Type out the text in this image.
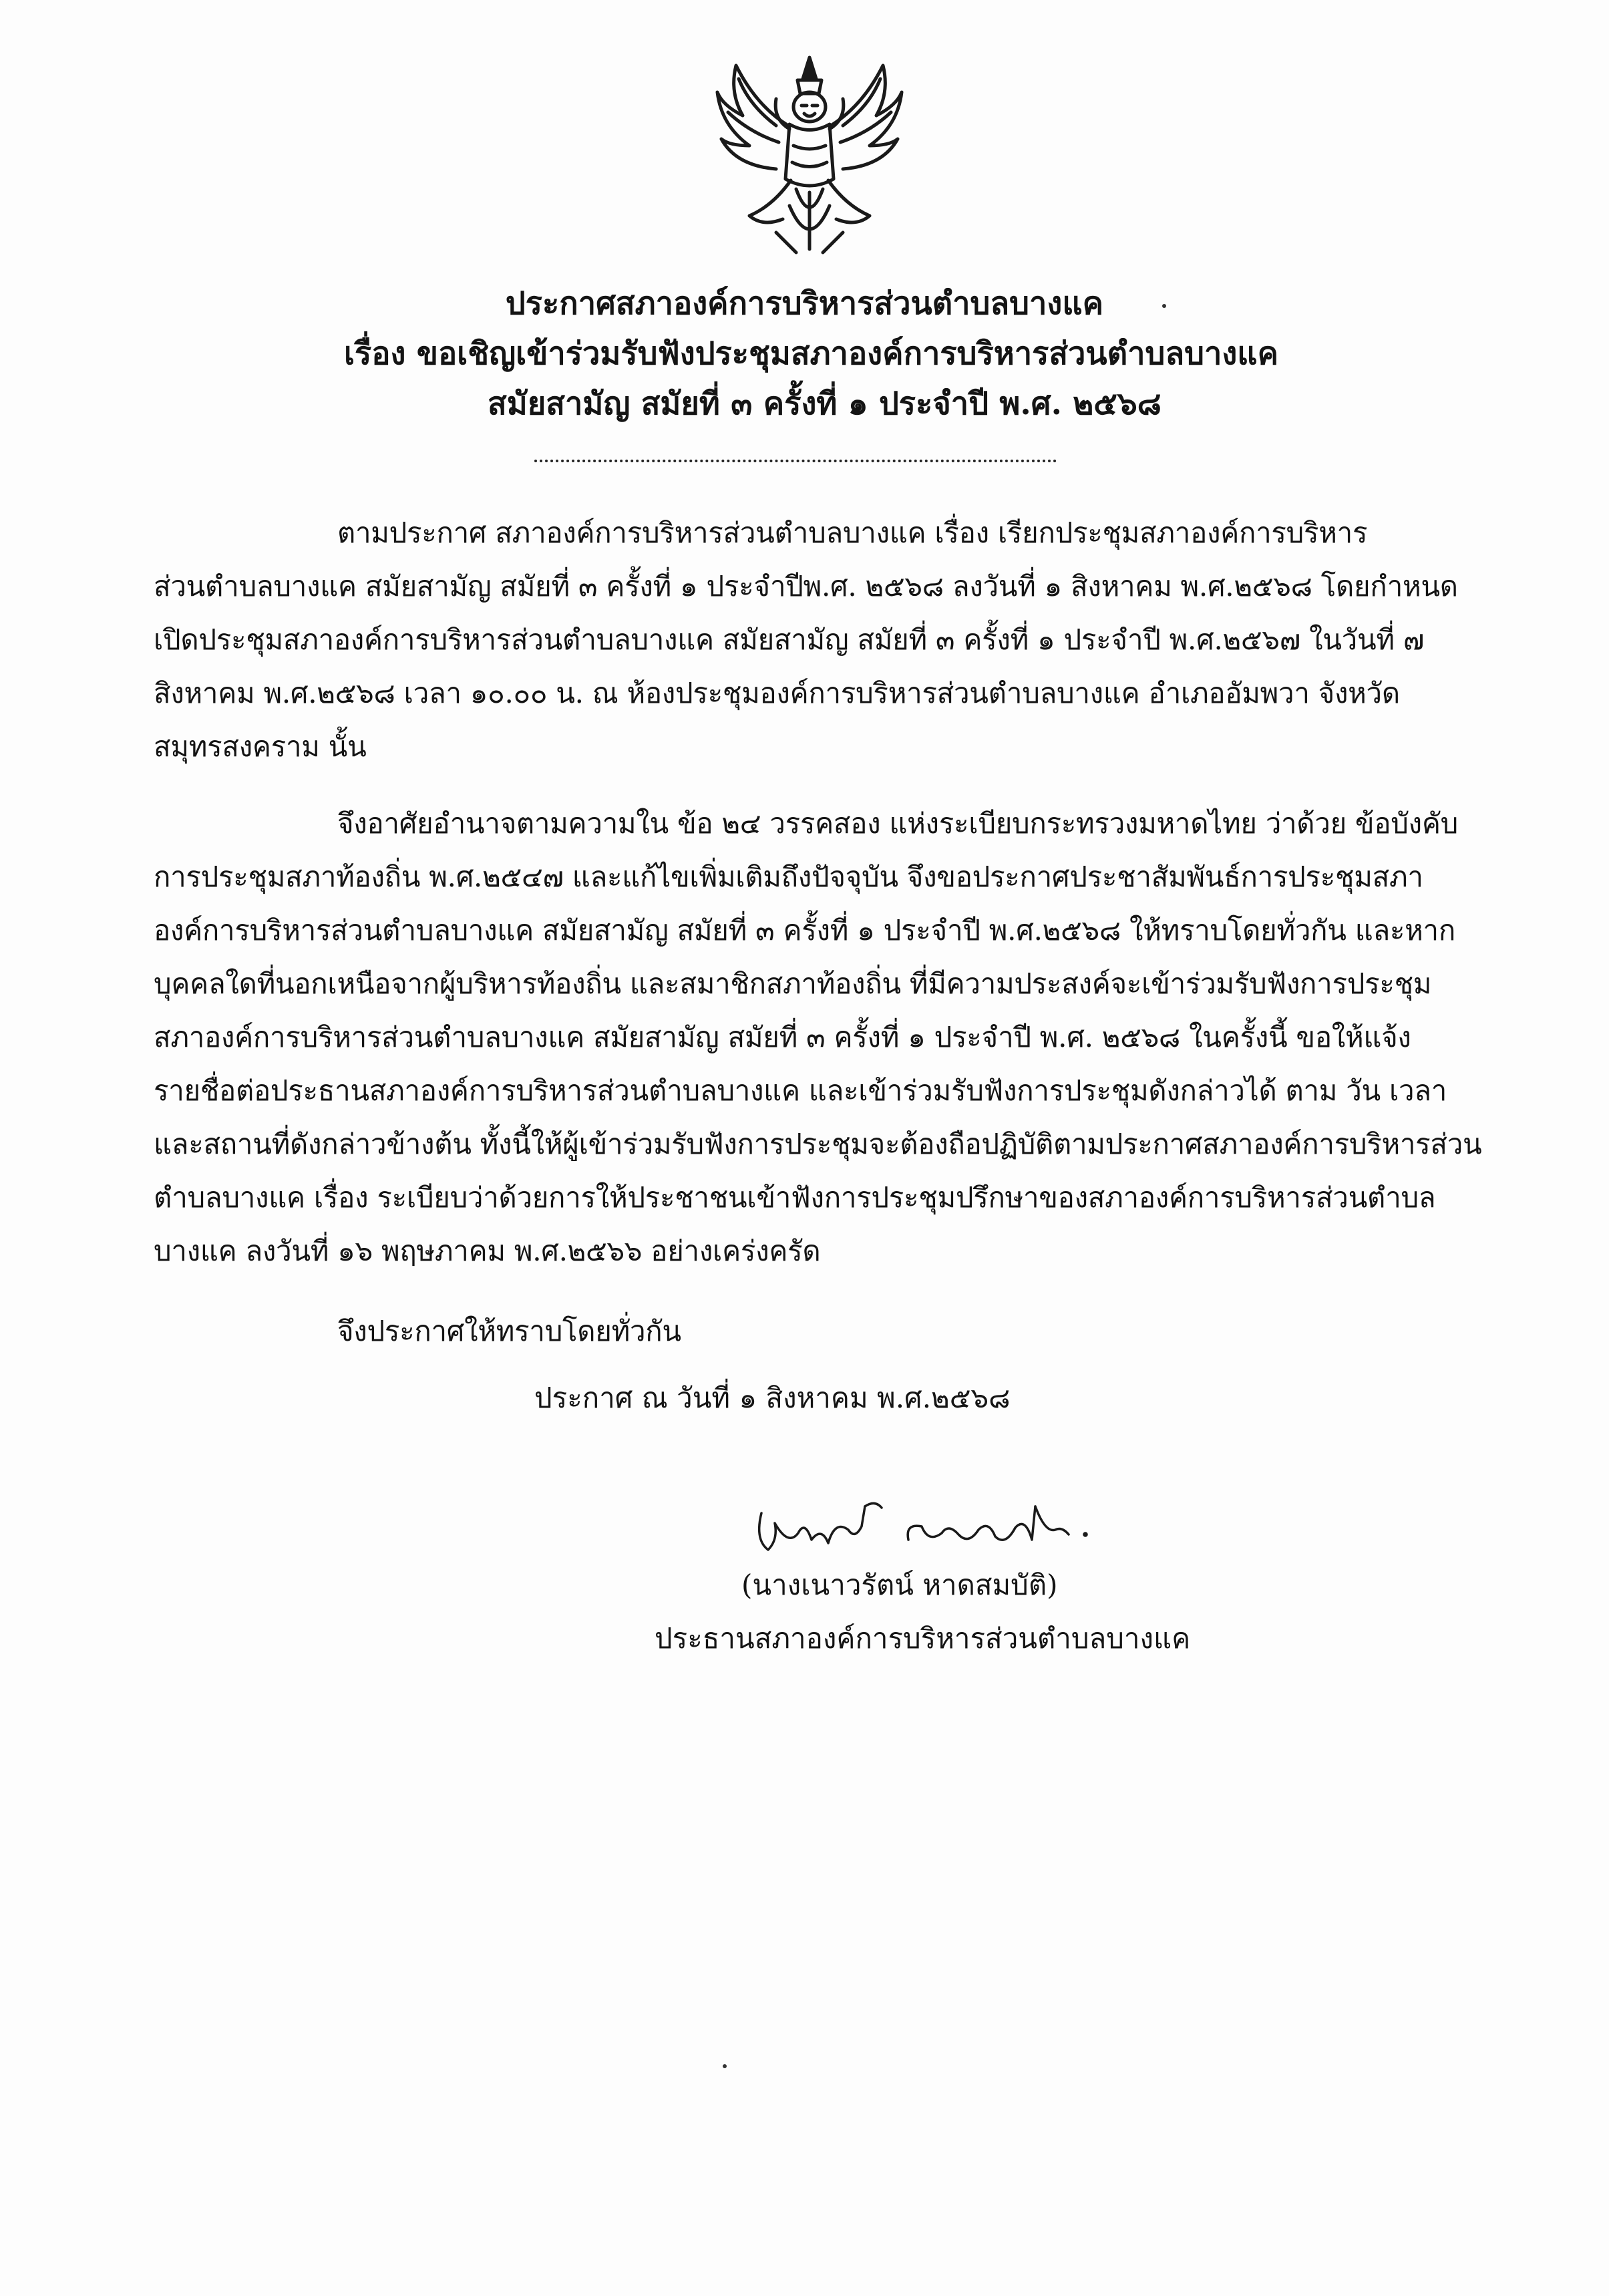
ประกาศสภาองค์การบริหารส่วนตำบลบางแค
เรื่อง ขอเชิญเข้าร่วมรับฟังประชุมสภาองค์การบริหารส่วนตำบลบางแค
สมัยสามัญ สมัยที่ ๓ ครั้งที่ ๑ ประจำปี พ.ศ. ๒๕๖๘
ตามประกาศ สภาองค์การบริหารส่วนตำบลบางแค เรื่อง เรียกประชุมสภาองค์การบริหาร
ส่วนตำบลบางแค สมัยสามัญ สมัยที่ ๓ ครั้งที่ ๑ ประจำปีพ.ศ. ๒๕๖๘ ลงวันที่ ๑ สิงหาคม พ.ศ.๒๕๖๘ โดยกำหนด
เปิดประชุมสภาองค์การบริหารส่วนตำบลบางแค สมัยสามัญ สมัยที่ ๓ ครั้งที่ ๑ ประจำปี พ.ศ.๒๕๖๗ ในวันที่ ๗
สิงหาคม พ.ศ.๒๕๖๘ เวลา ๑๐.๐๐ น. ณ ห้องประชุมองค์การบริหารส่วนตำบลบางแค อำเภออัมพวา จังหวัด
สมุทรสงคราม นั้น
จึงอาศัยอำนาจตามความใน ข้อ ๒๔ วรรคสอง แห่งระเบียบกระทรวงมหาดไทย ว่าด้วย ข้อบังคับ
การประชุมสภาท้องถิ่น พ.ศ.๒๕๔๗ และแก้ไขเพิ่มเติมถึงปัจจุบัน จึงขอประกาศประชาสัมพันธ์การประชุมสภา
องค์การบริหารส่วนตำบลบางแค สมัยสามัญ สมัยที่ ๓ ครั้งที่ ๑ ประจำปี พ.ศ.๒๕๖๘ ให้ทราบโดยทั่วกัน และหาก
บุคคลใดที่นอกเหนือจากผู้บริหารท้องถิ่น และสมาชิกสภาท้องถิ่น ที่มีความประสงค์จะเข้าร่วมรับฟังการประชุม
สภาองค์การบริหารส่วนตำบลบางแค สมัยสามัญ สมัยที่ ๓ ครั้งที่ ๑ ประจำปี พ.ศ. ๒๕๖๘ ในครั้งนี้ ขอให้แจ้ง
รายชื่อต่อประธานสภาองค์การบริหารส่วนตำบลบางแค และเข้าร่วมรับฟังการประชุมดังกล่าวได้ ตาม วัน เวลา
และสถานที่ดังกล่าวข้างต้น ทั้งนี้ให้ผู้เข้าร่วมรับฟังการประชุมจะต้องถือปฏิบัติตามประกาศสภาองค์การบริหารส่วน
ตำบลบางแค เรื่อง ระเบียบว่าด้วยการให้ประชาชนเข้าฟังการประชุมปรึกษาของสภาองค์การบริหารส่วนตำบล
บางแค ลงวันที่ ๑๖ พฤษภาคม พ.ศ.๒๕๖๖ อย่างเคร่งครัด
จึงประกาศให้ทราบโดยทั่วกัน
ประกาศ ณ วันที่ ๑ สิงหาคม พ.ศ.๒๕๖๘
(นางเนาวรัตน์ หาดสมบัติ)
ประธานสภาองค์การบริหารส่วนตำบลบางแค
